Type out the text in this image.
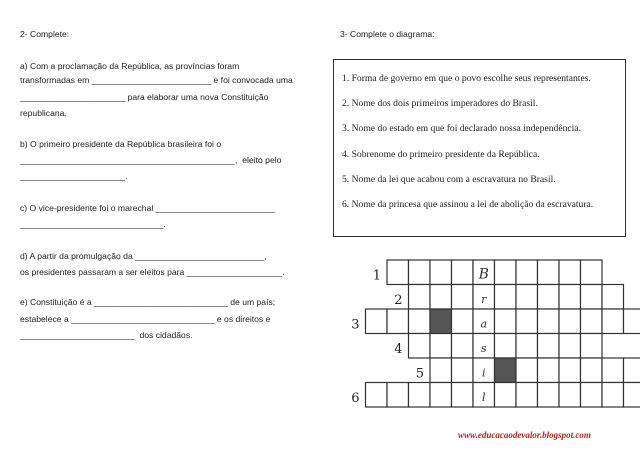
2- Complete:
a) Com a proclamação da República, as províncias foram
transformadas em _________________________ e foi convocada uma
______________________ para elaborar uma nova Constituição
republicana.
b) O primeiro presidente da República brasileira foi o
_____________________________________________,  eleito pelo
______________________.
c) O vice-presidente foi o marechal _________________________
______________________________.
d) A partir da promulgação da ___________________________,
os presidentes passaram a ser eleitos para ____________________.
e) Constituição é a ____________________________ de um país;
estabelece a ______________________________ e os direitos e
________________________  dos cidadãos.
3- Complete o diagrama:
1. Forma de governo em que o povo escolhe seus representantes.
2. Nome dos dois primeiros imperadores do Brasil.
3. Nome do estado em que foi declarado nossa independência.
4. Sobrenome do primeiro presidente da República.
5. Nome da lei que acabou com a escravatura no Brasil.
6. Nome da princesa que assinou a lei de abolição da escravatura.
1	B
2	r
3	a
4	s
5	i
6	l
www.educacaodevalor.blogspot.com
